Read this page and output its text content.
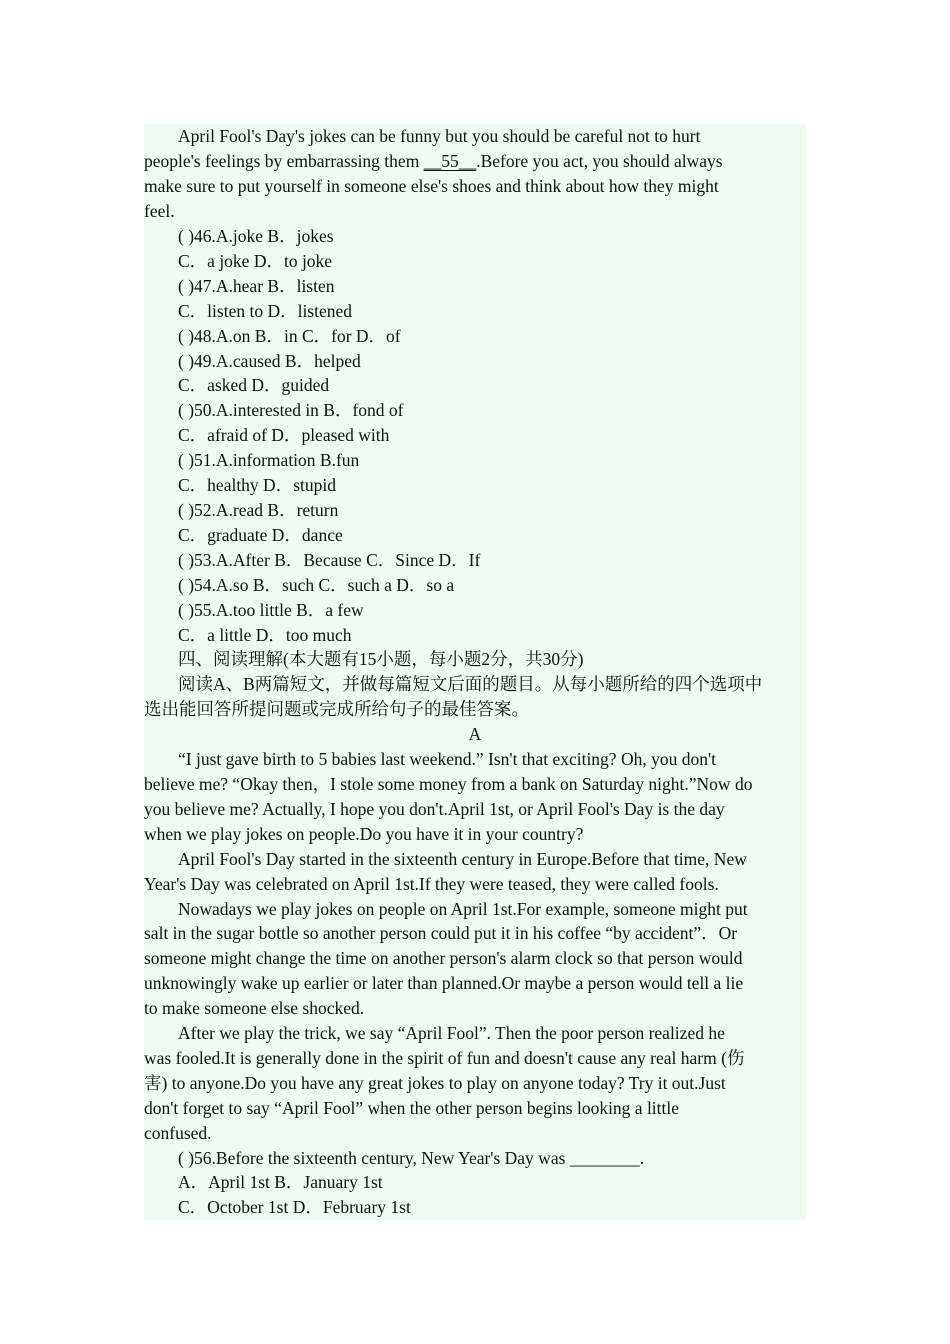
April Fool's Day's jokes can be funny but you should be careful not to hurt
people's feelings by embarrassing them __55__.Before you act, you should always
make sure to put yourself in someone else's shoes and think about how they might
feel.
( )46.A.joke B．jokes
C．a joke D．to joke
( )47.A.hear B．listen
C．listen to D．listened
( )48.A.on B．in C．for D．of
( )49.A.caused B．helped
C．asked D．guided
( )50.A.interested in B．fond of
C．afraid of D．pleased with
( )51.A.information B.fun
C．healthy D．stupid
( )52.A.read B．return
C．graduate D．dance
( )53.A.After B．Because C．Since D．If
( )54.A.so B．such C．such a D．so a
( )55.A.too little B．a few
C．a little D．too much
四、阅读理解(本大题有15小题，每小题2分，共30分)
阅读A、B两篇短文，并做每篇短文后面的题目。从每小题所给的四个选项中
选出能回答所提问题或完成所给句子的最佳答案。
A
“I just gave birth to 5 babies last weekend.” Isn't that exciting? Oh, you don't
believe me? “Okay then，I stole some money from a bank on Saturday night.”Now do
you believe me? Actually, I hope you don't.April 1st, or April Fool's Day is the day
when we play jokes on people.Do you have it in your country?
April Fool's Day started in the sixteenth century in Europe.Before that time, New
Year's Day was celebrated on April 1st.If they were teased, they were called fools.
Nowadays we play jokes on people on April 1st.For example, someone might put
salt in the sugar bottle so another person could put it in his coffee “by accident”．Or
someone might change the time on another person's alarm clock so that person would
unknowingly wake up earlier or later than planned.Or maybe a person would tell a lie
to make someone else shocked.
After we play the trick, we say “April Fool”. Then the poor person realized he
was fooled.It is generally done in the spirit of fun and doesn't cause any real harm (伤
害) to anyone.Do you have any great jokes to play on anyone today? Try it out.Just
don't forget to say “April Fool” when the other person begins looking a little
confused.
( )56.Before the sixteenth century, New Year's Day was ________.
A．April 1st B．January 1st
C．October 1st D．February 1st
